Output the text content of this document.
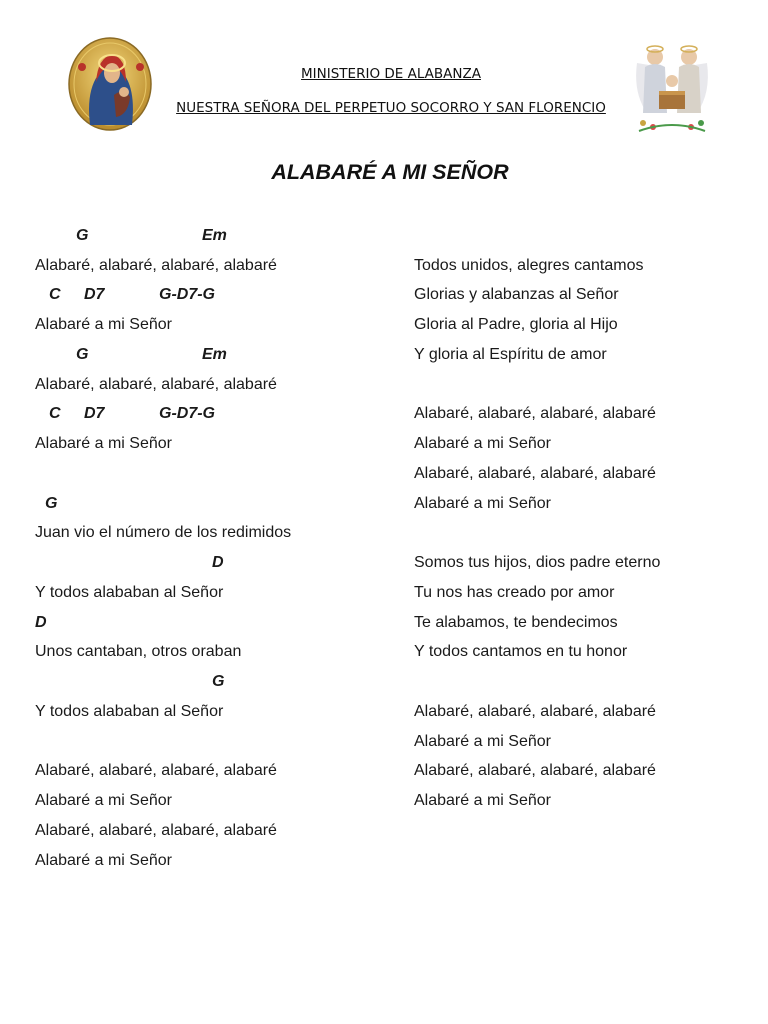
MINISTERIO DE ALABANZA
NUESTRA SEÑORA DEL PERPETUO SOCORRO Y SAN FLORENCIO
ALABARÉ A MI SEÑOR
G	Em
C D7	G-D7-G
G	Em
C D7	G-D7-G
G
D
D
G
Alabaré, alabaré, alabaré, alabaré
Alabaré a mi Señor
Alabaré, alabaré, alabaré, alabaré
Alabaré a mi Señor
Juan vio el número de los redimidos
Y todos alababan al Señor
Unos cantaban, otros oraban
Y todos alababan al Señor
Alabaré, alabaré, alabaré, alabaré
Alabaré a mi Señor
Alabaré, alabaré, alabaré, alabaré
Alabaré a mi Señor
Todos unidos, alegres cantamos
Glorias y alabanzas al Señor
Gloria al Padre, gloria al Hijo
Y gloria al Espíritu de amor
Alabaré, alabaré, alabaré, alabaré
Alabaré a mi Señor
Alabaré, alabaré, alabaré, alabaré
Alabaré a mi Señor
Somos tus hijos, dios padre eterno
Tu nos has creado por amor
Te alabamos, te bendecimos
Y todos cantamos en tu honor
Alabaré, alabaré, alabaré, alabaré
Alabaré a mi Señor
Alabaré, alabaré, alabaré, alabaré
Alabaré a mi Señor
